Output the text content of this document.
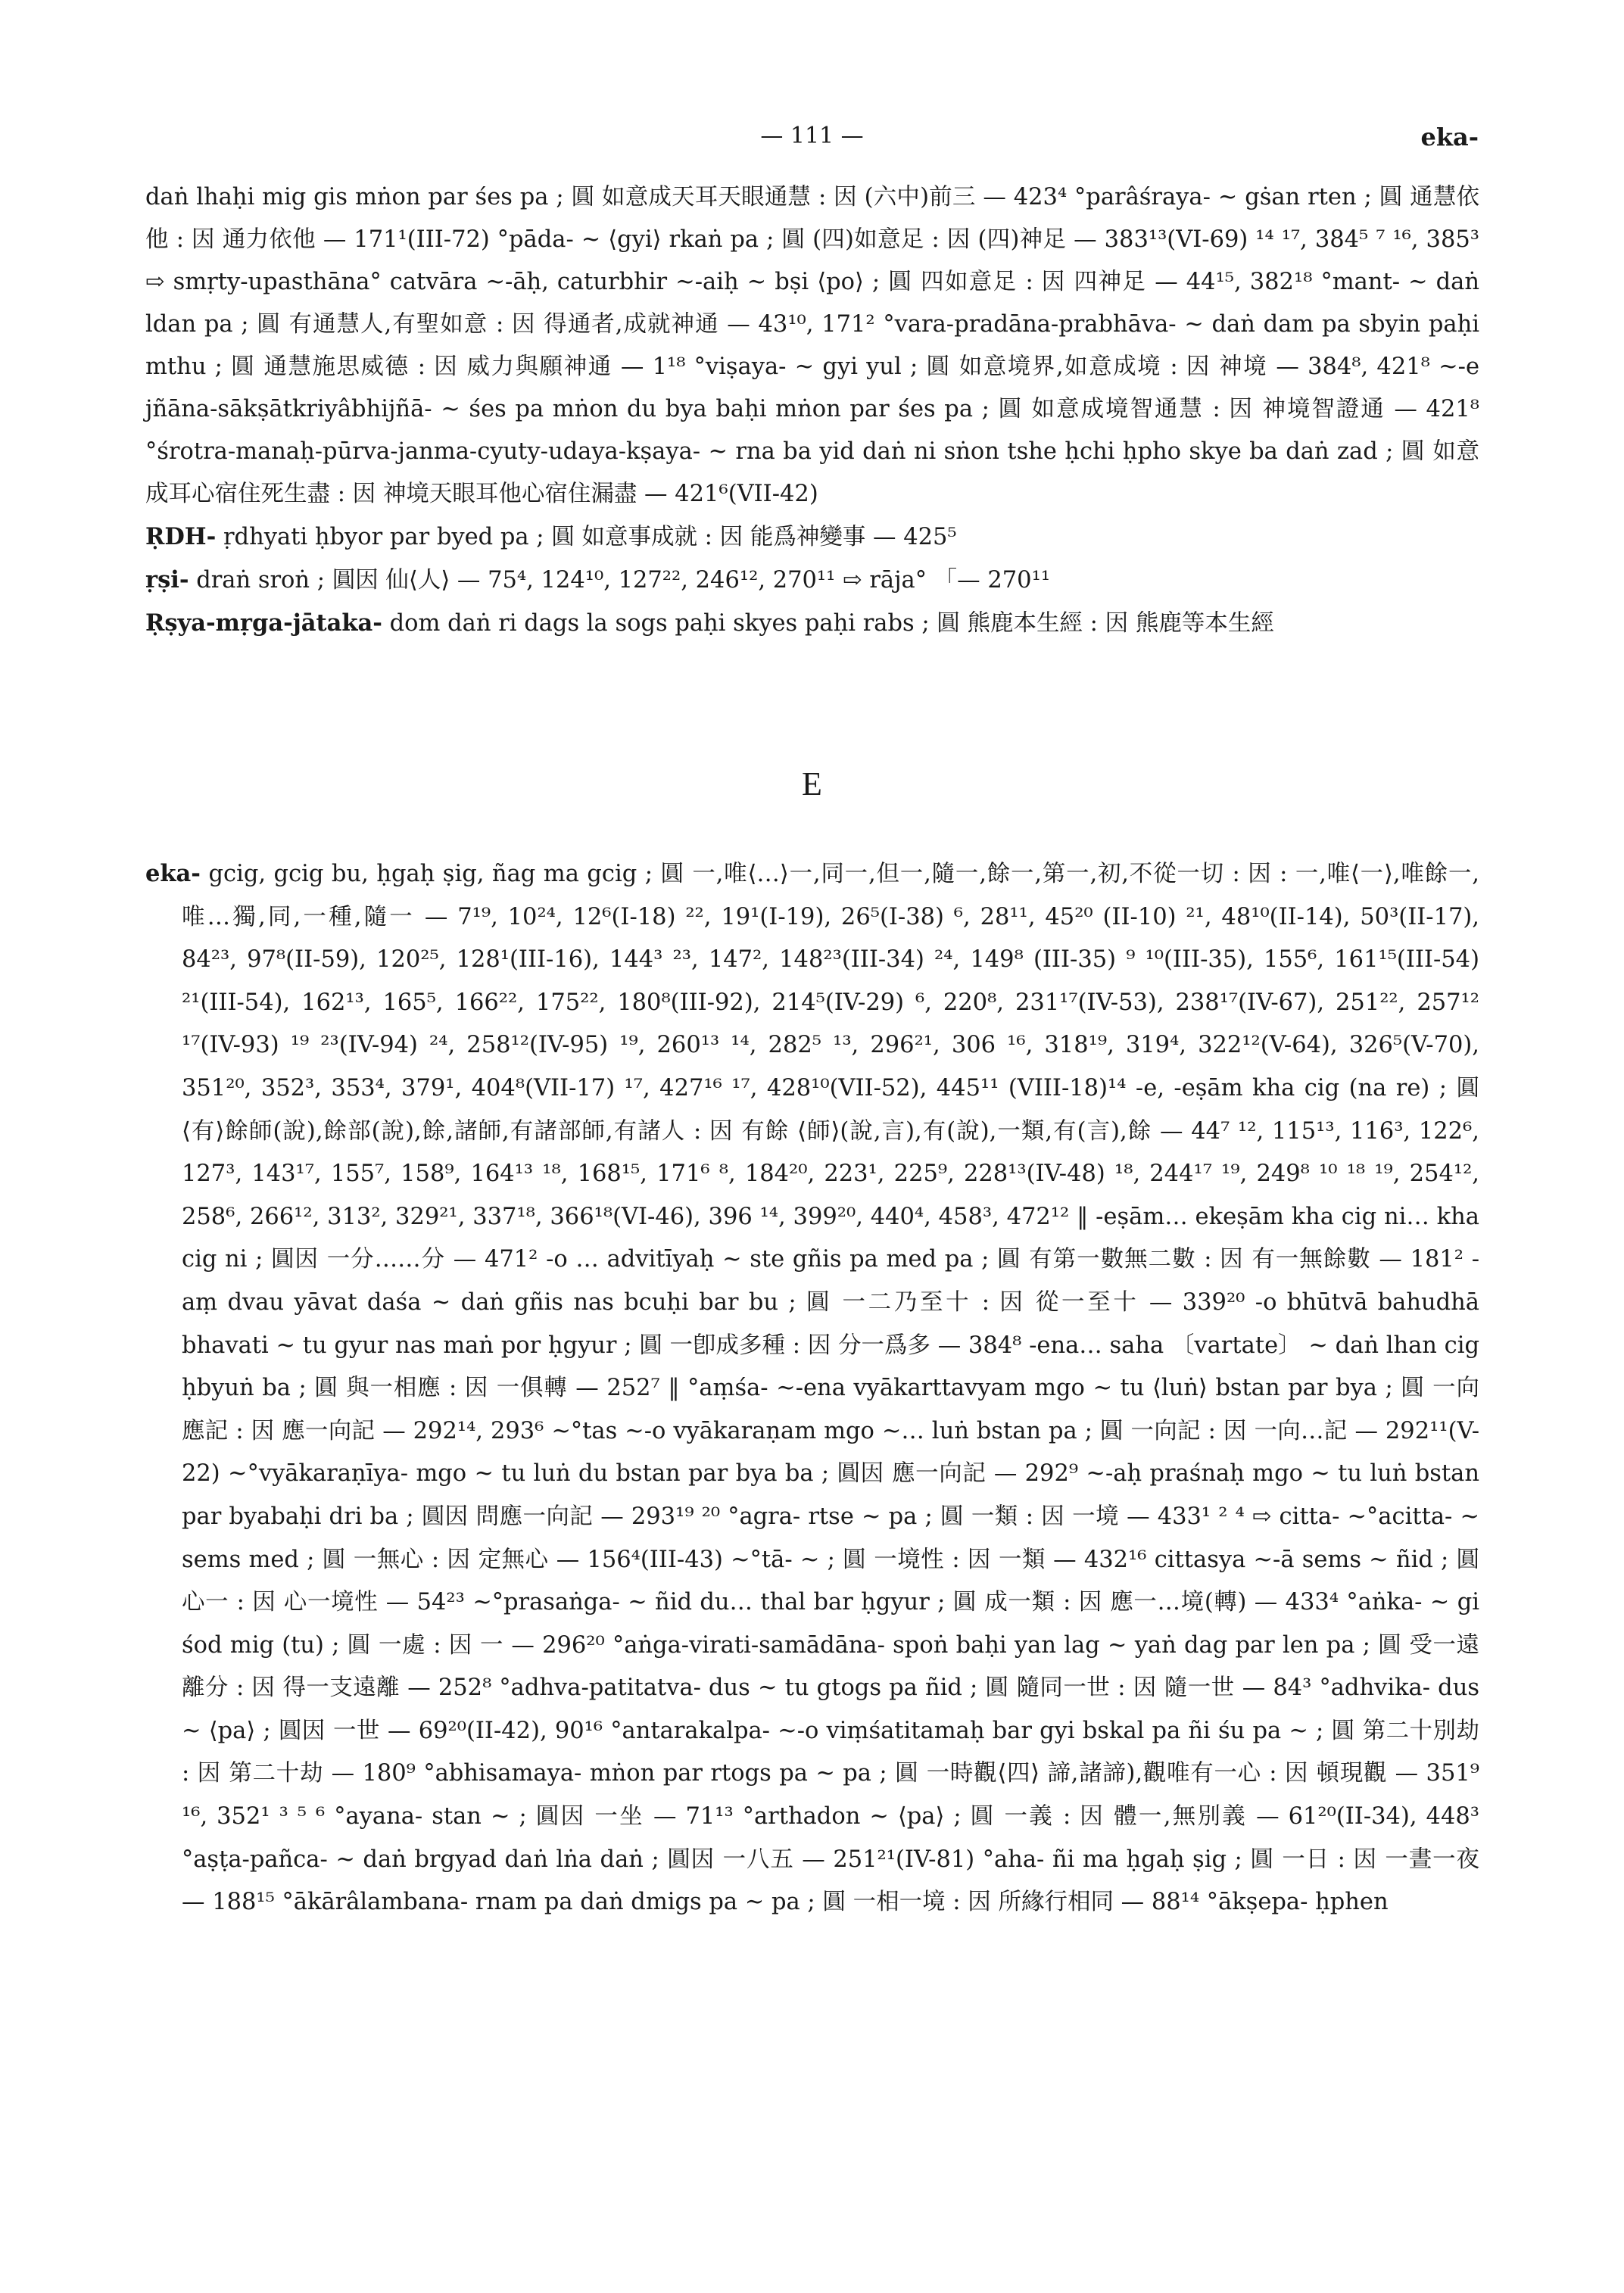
— 111 —	eka-

daṅ lhaḥi mig gis mṅon par śes pa ; 圓 如意成天耳天眼通慧 : 因 (六中)前三 — 423⁴ °parâśraya- ~ gṡan rten ; 圓 通慧依他 : 因 通力依他 — 171¹(III-72) °pāda- ~ ⟨gyi⟩ rkaṅ pa ; 圓 (四)如意足 : 因 (四)神足 — 383¹³(VI-69) ¹⁴ ¹⁷, 384⁵ ⁷ ¹⁶, 385³ ⇨ smṛty-upasthāna° catvāra ~-āḥ, caturbhir ~-aiḥ ~ bṣi ⟨po⟩ ; 圓 四如意足 : 因 四神足 — 44¹⁵, 382¹⁸ °mant- ~ daṅ ldan pa ; 圓 有通慧人,有聖如意 : 因 得通者,成就神通 — 43¹⁰, 171² °vara-pradāna-prabhāva- ~ daṅ dam pa sbyin paḥi mthu ; 圓 通慧施思威德 : 因 威力與願神通 — 1¹⁸ °viṣaya- ~ gyi yul ; 圓 如意境界,如意成境 : 因 神境 — 384⁸, 421⁸ ~-e jñāna-sākṣātkriyâbhijñā- ~ śes pa mṅon du bya baḥi mṅon par śes pa ; 圓 如意成境智通慧 : 因 神境智證通 — 421⁸ °śrotra-manaḥ-pūrva-janma-cyuty-udaya-kṣaya- ~ rna ba yid daṅ ni sṅon tshe ḥchi ḥpho skye ba daṅ zad ; 圓 如意成耳心宿住死生盡 : 因 神境天眼耳他心宿住漏盡 — 421⁶(VII-42)

ṚDH- ṛdhyati ḥbyor par byed pa ; 圓 如意事成就 : 因 能爲神變事 — 425⁵

ṛṣi- draṅ sroṅ ; 圓因 仙⟨人⟩ — 75⁴, 124¹⁰, 127²², 246¹², 270¹¹ ⇨ rāja° 「— 270¹¹

Ṛṣya-mṛga-jātaka- dom daṅ ri dags la sogs paḥi skyes paḥi rabs ; 圓 熊鹿本生經 : 因 熊鹿等本生經

E

eka- gcig, gcig bu, ḥgaḥ ṣig, ñag ma gcig ; 圓 一,唯⟨…⟩一,同一,但一,隨一,餘一,第一,初,不從一切 : 因 : 一,唯⟨一⟩,唯餘一,唯…獨,同,一種,隨一 — 7¹⁹, 10²⁴, 12⁶(I-18) ²², 19¹(I-19), 26⁵(I-38) ⁶, 28¹¹, 45²⁰ (II-10) ²¹, 48¹⁰(II-14), 50³(II-17), 84²³, 97⁸(II-59), 120²⁵, 128¹(III-16), 144³ ²³, 147², 148²³(III-34) ²⁴, 149⁸ (III-35) ⁹ ¹⁰(III-35), 155⁶, 161¹⁵(III-54) ²¹(III-54), 162¹³, 165⁵, 166²², 175²², 180⁸(III-92), 214⁵(IV-29) ⁶, 220⁸, 231¹⁷(IV-53), 238¹⁷(IV-67), 251²², 257¹² ¹⁷(IV-93) ¹⁹ ²³(IV-94) ²⁴, 258¹²(IV-95) ¹⁹, 260¹³ ¹⁴, 282⁵ ¹³, 296²¹, 306 ¹⁶, 318¹⁹, 319⁴, 322¹²(V-64), 326⁵(V-70), 351²⁰, 352³, 353⁴, 379¹, 404⁸(VII-17) ¹⁷, 427¹⁶ ¹⁷, 428¹⁰(VII-52), 445¹¹ (VIII-18)¹⁴ -e, -eṣām kha cig (na re) ; 圓 ⟨有⟩餘師(說),餘部(說),餘,諸師,有諸部師,有諸人 : 因 有餘 ⟨師⟩(說,言),有(說),一類,有(言),餘 — 44⁷ ¹², 115¹³, 116³, 122⁶, 127³, 143¹⁷, 155⁷, 158⁹, 164¹³ ¹⁸, 168¹⁵, 171⁶ ⁸, 184²⁰, 223¹, 225⁹, 228¹³(IV-48) ¹⁸, 244¹⁷ ¹⁹, 249⁸ ¹⁰ ¹⁸ ¹⁹, 254¹², 258⁶, 266¹², 313², 329²¹, 337¹⁸, 366¹⁸(VI-46), 396 ¹⁴, 399²⁰, 440⁴, 458³, 472¹² ‖ -eṣām… ekeṣām kha cig ni… kha cig ni ; 圓因 一分……分 — 471² -o … advitīyaḥ ~ ste gñis pa med pa ; 圓 有第一數無二數 : 因 有一無餘數 — 181² -aṃ dvau yāvat daśa ~ daṅ gñis nas bcuḥi bar bu ; 圓 一二乃至十 : 因 從一至十 — 339²⁰ -o bhūtvā bahudhā bhavati ~ tu gyur nas maṅ por ḥgyur ; 圓 一卽成多種 : 因 分一爲多 — 384⁸ -ena… saha 〔vartate〕 ~ daṅ lhan cig ḥbyuṅ ba ; 圓 與一相應 : 因 一俱轉 — 252⁷ ‖ °aṃśa- ~-ena vyākarttavyam mgo ~ tu ⟨luṅ⟩ bstan par bya ; 圓 一向應記 : 因 應一向記 — 292¹⁴, 293⁶ ~°tas ~-o vyākaraṇam mgo ~… luṅ bstan pa ; 圓 一向記 : 因 一向…記 — 292¹¹(V-22) ~°vyākaraṇīya- mgo ~ tu luṅ du bstan par bya ba ; 圓因 應一向記 — 292⁹ ~-aḥ praśnaḥ mgo ~ tu luṅ bstan par byabaḥi dri ba ; 圓因 問應一向記 — 293¹⁹ ²⁰ °agra- rtse ~ pa ; 圓 一類 : 因 一境 — 433¹ ² ⁴ ⇨ citta- ~°acitta- ~ sems med ; 圓 一無心 : 因 定無心 — 156⁴(III-43) ~°tā- ~ ; 圓 一境性 : 因 一類 — 432¹⁶ cittasya ~-ā sems ~ ñid ; 圓 心一 : 因 心一境性 — 54²³ ~°prasaṅga- ~ ñid du… thal bar ḥgyur ; 圓 成一類 : 因 應一…境(轉) — 433⁴ °aṅka- ~ gi śod mig (tu) ; 圓 一處 : 因 一 — 296²⁰ °aṅga-virati-samādāna- spoṅ baḥi yan lag ~ yaṅ dag par len pa ; 圓 受一遠離分 : 因 得一支遠離 — 252⁸ °adhva-patitatva- dus ~ tu gtogs pa ñid ; 圓 隨同一世 : 因 隨一世 — 84³ °adhvika- dus ~ ⟨pa⟩ ; 圓因 一世 — 69²⁰(II-42), 90¹⁶ °antarakalpa- ~-o viṃśatitamaḥ bar gyi bskal pa ñi śu pa ~ ; 圓 第二十別劫 : 因 第二十劫 — 180⁹ °abhisamaya- mṅon par rtogs pa ~ pa ; 圓 一時觀⟨四⟩ 諦,諸諦),觀唯有一心 : 因 頓現觀 — 351⁹ ¹⁶, 352¹ ³ ⁵ ⁶ °ayana- stan ~ ; 圓因 一坐 — 71¹³ °arthadon ~ ⟨pa⟩ ; 圓 一義 : 因 體一,無別義 — 61²⁰(II-34), 448³ °aṣṭa-pañca- ~ daṅ brgyad daṅ lṅa daṅ ; 圓因 一八五 — 251²¹(IV-81) °aha- ñi ma ḥgaḥ ṣig ; 圓 一日 : 因 一晝一夜 — 188¹⁵ °ākārâlambana- rnam pa daṅ dmigs pa ~ pa ; 圓 一相一境 : 因 所緣行相同 — 88¹⁴ °ākṣepa- ḥphen
